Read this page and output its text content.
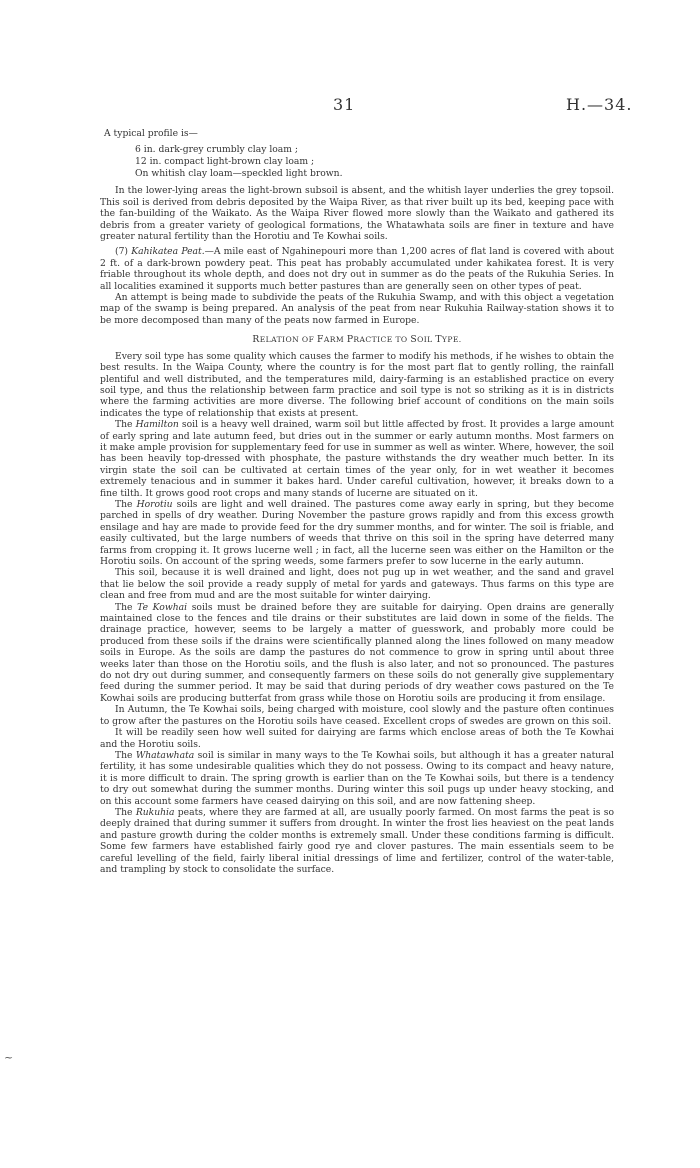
31	H.—34.

A typical profile is—

6 in. dark-grey crumbly clay loam ;
12 in. compact light-brown clay loam ;
On whitish clay loam—speckled light brown.

In the lower-lying areas the light-brown subsoil is absent, and the whitish layer underlies the grey topsoil. This soil is derived from debris deposited by the Waipa River, as that river built up its bed, keeping pace with the fan-building of the Waikato. As the Waipa River flowed more slowly than the Waikato and gathered its debris from a greater variety of geological formations, the Whatawhata soils are finer in texture and have greater natural fertility than the Horotiu and Te Kowhai soils.

(7) Kahikatea Peat.—A mile east of Ngahinepouri more than 1,200 acres of flat land is covered with about 2 ft. of a dark-brown powdery peat. This peat has probably accumulated under kahikatea forest. It is very friable throughout its whole depth, and does not dry out in summer as do the peats of the Rukuhia Series. In all localities examined it supports much better pastures than are generally seen on other types of peat.

An attempt is being made to subdivide the peats of the Rukuhia Swamp, and with this object a vegetation map of the swamp is being prepared. An analysis of the peat from near Rukuhia Railway-station shows it to be more decomposed than many of the peats now farmed in Europe.

RELATION OF FARM PRACTICE TO SOIL TYPE.

Every soil type has some quality which causes the farmer to modify his methods, if he wishes to obtain the best results. In the Waipa County, where the country is for the most part flat to gently rolling, the rainfall plentiful and well distributed, and the temperatures mild, dairy-farming is an established practice on every soil type, and thus the relationship between farm practice and soil type is not so striking as it is in districts where the farming activities are more diverse. The following brief account of conditions on the main soils indicates the type of relationship that exists at present.

The Hamilton soil is a heavy well drained, warm soil but little affected by frost. It provides a large amount of early spring and late autumn feed, but dries out in the summer or early autumn months. Most farmers on it make ample provision for supplementary feed for use in summer as well as winter. Where, however, the soil has been heavily top-dressed with phosphate, the pasture withstands the dry weather much better. In its virgin state the soil can be cultivated at certain times of the year only, for in wet weather it becomes extremely tenacious and in summer it bakes hard. Under careful cultivation, however, it breaks down to a fine tilth. It grows good root crops and many stands of lucerne are situated on it.

The Horotiu soils are light and well drained. The pastures come away early in spring, but they become parched in spells of dry weather. During November the pasture grows rapidly and from this excess growth ensilage and hay are made to provide feed for the dry summer months, and for winter. The soil is friable, and easily cultivated, but the large numbers of weeds that thrive on this soil in the spring have deterred many farms from cropping it. It grows lucerne well ; in fact, all the lucerne seen was either on the Hamilton or the Horotiu soils. On account of the spring weeds, some farmers prefer to sow lucerne in the early autumn.

This soil, because it is well drained and light, does not pug up in wet weather, and the sand and gravel that lie below the soil provide a ready supply of metal for yards and gateways. Thus farms on this type are clean and free from mud and are the most suitable for winter dairying.

The Te Kowhai soils must be drained before they are suitable for dairying. Open drains are generally maintained close to the fences and tile drains or their substitutes are laid down in some of the fields. The drainage practice, however, seems to be largely a matter of guesswork, and probably more could be produced from these soils if the drains were scientifically planned along the lines followed on many meadow soils in Europe. As the soils are damp the pastures do not commence to grow in spring until about three weeks later than those on the Horotiu soils, and the flush is also later, and not so pronounced. The pastures do not dry out during summer, and consequently farmers on these soils do not generally give supplementary feed during the summer period. It may be said that during periods of dry weather cows pastured on the Te Kowhai soils are producing butterfat from grass while those on Horotiu soils are producing it from ensilage.

In Autumn, the Te Kowhai soils, being charged with moisture, cool slowly and the pasture often continues to grow after the pastures on the Horotiu soils have ceased. Excellent crops of swedes are grown on this soil.

It will be readily seen how well suited for dairying are farms which enclose areas of both the Te Kowhai and the Horotiu soils.

The Whatawhata soil is similar in many ways to the Te Kowhai soils, but although it has a greater natural fertility, it has some undesirable qualities which they do not possess. Owing to its compact and heavy nature, it is more difficult to drain. The spring growth is earlier than on the Te Kowhai soils, but there is a tendency to dry out somewhat during the summer months. During winter this soil pugs up under heavy stocking, and on this account some farmers have ceased dairying on this soil, and are now fattening sheep.

The Rukuhia peats, where they are farmed at all, are usually poorly farmed. On most farms the peat is so deeply drained that during summer it suffers from drought. In winter the frost lies heaviest on the peat lands and pasture growth during the colder months is extremely small. Under these conditions farming is difficult. Some few farmers have established fairly good rye and clover pastures. The main essentials seem to be careful levelling of the field, fairly liberal initial dressings of lime and fertilizer, control of the water-table, and trampling by stock to consolidate the surface.

~
